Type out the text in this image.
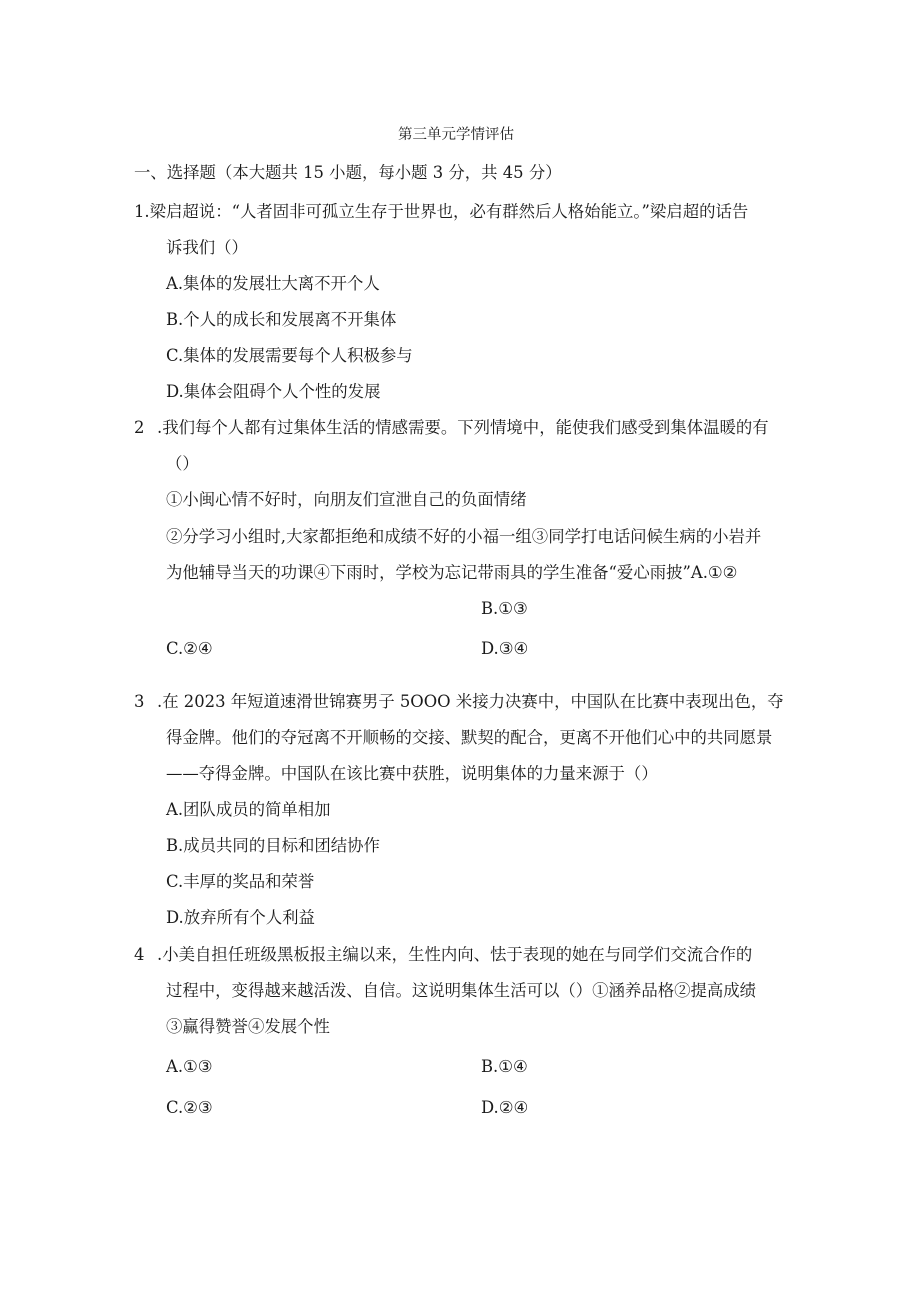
第三单元学情评估
一、选择题（本大题共 15 小题，每小题 3 分，共 45 分）
1.梁启超说：“人者固非可孤立生存于世界也，必有群然后人格始能立。”梁启超的话告
诉我们（）
A.集体的发展壮大离不开个人
B.个人的成长和发展离不开集体
C.集体的发展需要每个人积极参与
D.集体会阻碍个人个性的发展
2 .我们每个人都有过集体生活的情感需要。下列情境中，能使我们感受到集体温暖的有
（）
①小闽心情不好时，向朋友们宣泄自己的负面情绪
②分学习小组时,大家都拒绝和成绩不好的小福一组③同学打电话问候生病的小岩并
为他辅导当天的功课④下雨时，学校为忘记带雨具的学生准备“爱心雨披”A.①②
B.①③
C.②④	D.③④
3 .在 2023 年短道速滑世锦赛男子 5OOO 米接力决赛中，中国队在比赛中表现出色，夺
得金牌。他们的夺冠离不开顺畅的交接、默契的配合，更离不开他们心中的共同愿景
——夺得金牌。中国队在该比赛中获胜，说明集体的力量来源于（）
A.团队成员的简单相加
B.成员共同的目标和团结协作
C.丰厚的奖品和荣誉
D.放弃所有个人利益
4 .小美自担任班级黑板报主编以来，生性内向、怯于表现的她在与同学们交流合作的
过程中，变得越来越活泼、自信。这说明集体生活可以（）①涵养品格②提高成绩
③赢得赞誉④发展个性
A.①③	B.①④
C.②③	D.②④
